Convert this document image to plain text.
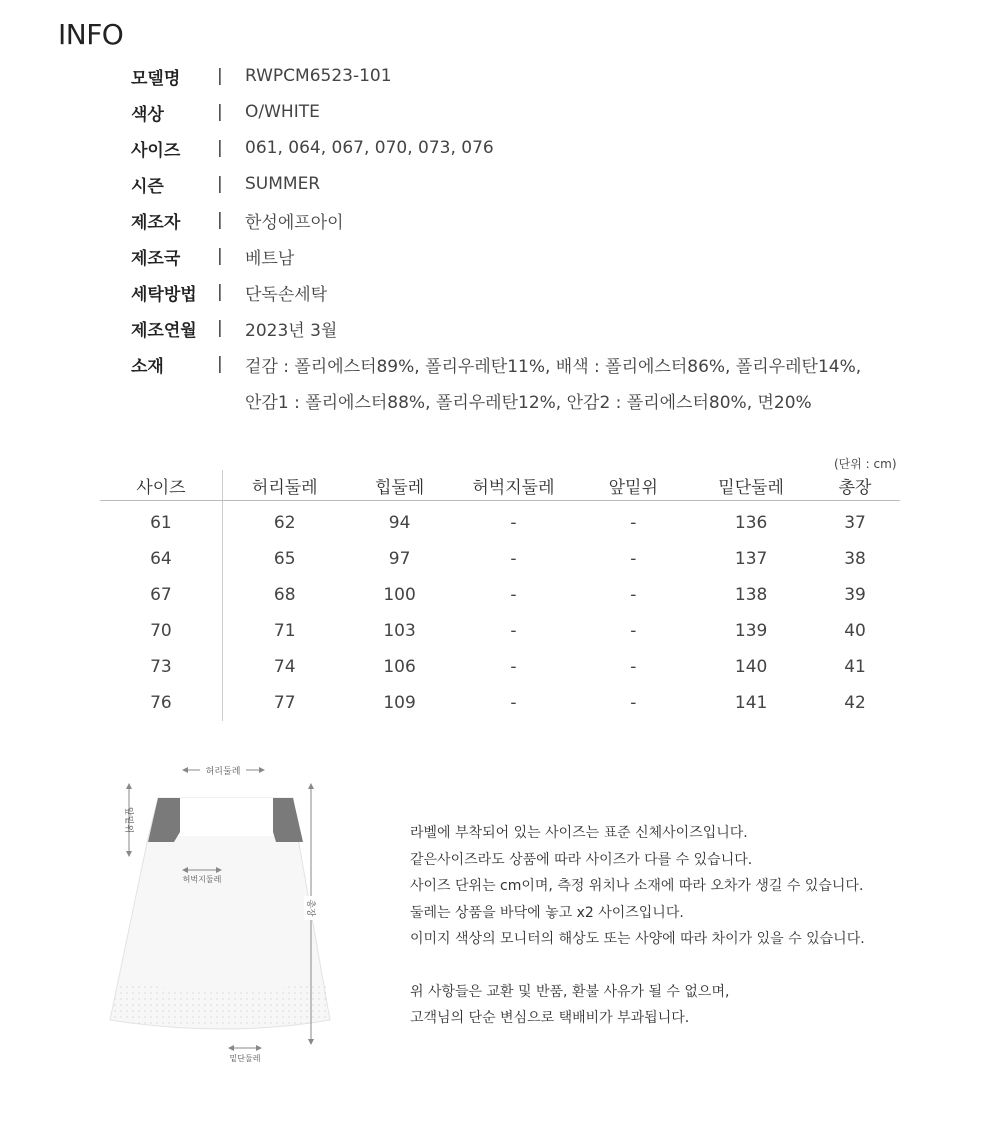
INFO
모델명	|	RWPCM6523-101
색상	|	O/WHITE
사이즈	|	061, 064, 067, 070, 073, 076
시즌	|	SUMMER
제조자	|	한성에프아이
제조국	|	베트남
세탁방법	|	단독손세탁
제조연월	|	2023년 3월
소재	|	겉감 : 폴리에스터89%, 폴리우레탄11%, 배색 : 폴리에스터86%, 폴리우레탄14%,
안감1 : 폴리에스터88%, 폴리우레탄12%, 안감2 : 폴리에스터80%, 면20%
(단위 : cm)
사이즈	허리둘레	힙둘레	허벅지둘레	앞밑위	밑단둘레	총장
61	62	94	-	-	136	37
64	65	97	-	-	137	38
67	68	100	-	-	138	39
70	71	103	-	-	139	40
73	74	106	-	-	140	41
76	77	109	-	-	141	42
허리둘레
앞밑위
허벅지둘레
총장
밑단둘레
라벨에 부착되어 있는 사이즈는 표준 신체사이즈입니다.
같은사이즈라도 상품에 따라 사이즈가 다를 수 있습니다.
사이즈 단위는 cm이며, 측정 위치나 소재에 따라 오차가 생길 수 있습니다.
둘레는 상품을 바닥에 놓고 x2 사이즈입니다.
이미지 색상의 모니터의 해상도 또는 사양에 따라 차이가 있을 수 있습니다.
위 사항들은 교환 및 반품, 환불 사유가 될 수 없으며,
고객님의 단순 변심으로 택배비가 부과됩니다.
